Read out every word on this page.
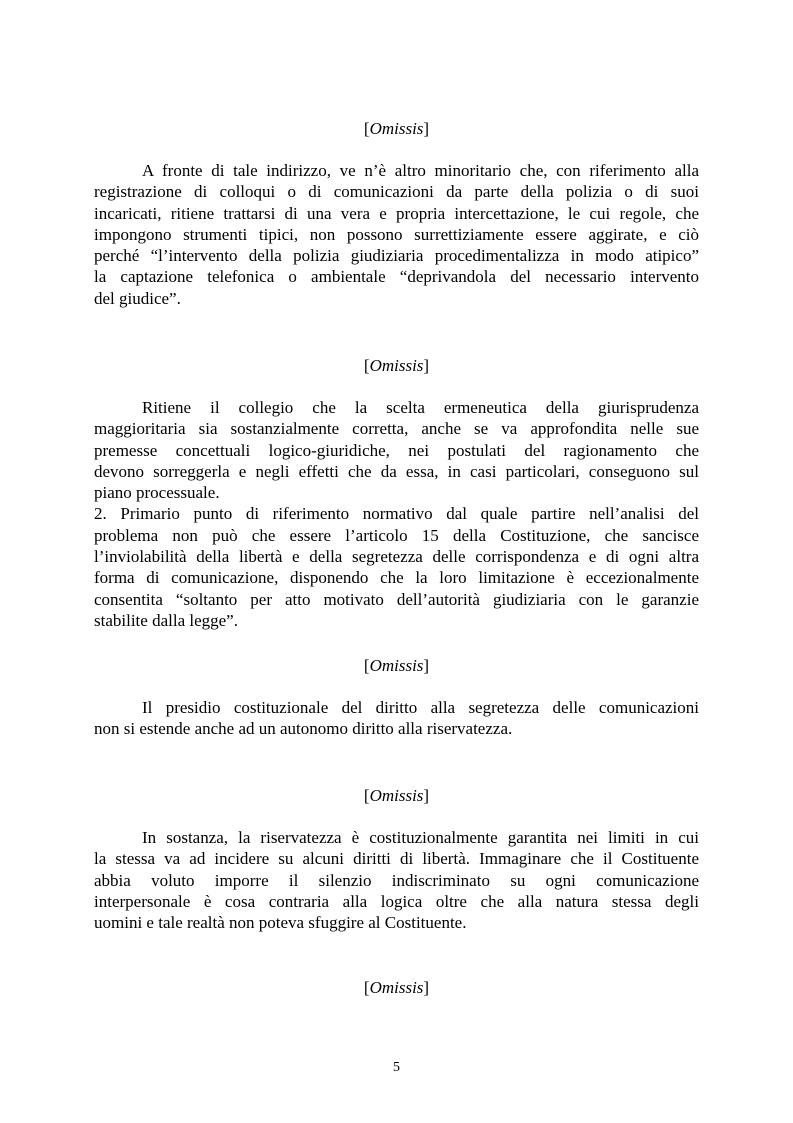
[Omissis]
A fronte di tale indirizzo, ve n’è altro minoritario che, con riferimento alla
registrazione di colloqui o di comunicazioni da parte della polizia o di suoi
incaricati, ritiene trattarsi di una vera e propria intercettazione, le cui regole, che
impongono strumenti tipici, non possono surrettiziamente essere aggirate, e ciò
perché “l’intervento della polizia giudiziaria procedimentalizza in modo atipico”
la captazione telefonica o ambientale “deprivandola del necessario intervento
del giudice”.
[Omissis]
Ritiene il collegio che la scelta ermeneutica della giurisprudenza
maggioritaria sia sostanzialmente corretta, anche se va approfondita nelle sue
premesse concettuali logico-giuridiche, nei postulati del ragionamento che
devono sorreggerla e negli effetti che da essa, in casi particolari, conseguono sul
piano processuale.
2. Primario punto di riferimento normativo dal quale partire nell’analisi del
problema non può che essere l’articolo 15 della Costituzione, che sancisce
l’inviolabilità della libertà e della segretezza delle corrispondenza e di ogni altra
forma di comunicazione, disponendo che la loro limitazione è eccezionalmente
consentita “soltanto per atto motivato dell’autorità giudiziaria con le garanzie
stabilite dalla legge”.
[Omissis]
Il presidio costituzionale del diritto alla segretezza delle comunicazioni
non si estende anche ad un autonomo diritto alla riservatezza.
[Omissis]
In sostanza, la riservatezza è costituzionalmente garantita nei limiti in cui
la stessa va ad incidere su alcuni diritti di libertà. Immaginare che il Costituente
abbia voluto imporre il silenzio indiscriminato su ogni comunicazione
interpersonale è cosa contraria alla logica oltre che alla natura stessa degli
uomini e tale realtà non poteva sfuggire al Costituente.
[Omissis]
5
